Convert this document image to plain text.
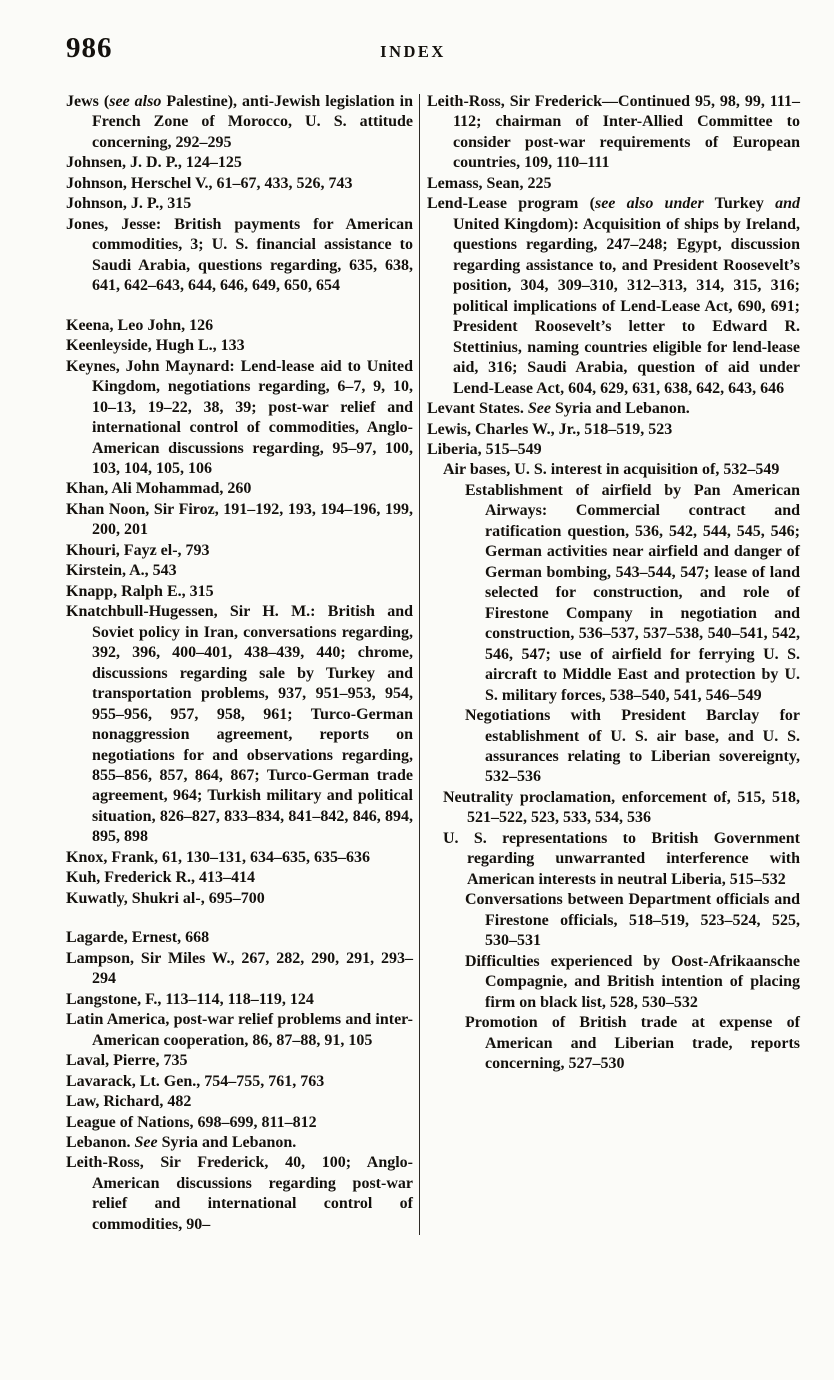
986	INDEX
Jews (see also Palestine), anti-Jewish legislation in French Zone of Morocco, U. S. attitude concerning, 292–295
Johnsen, J. D. P., 124–125
Johnson, Herschel V., 61–67, 433, 526, 743
Johnson, J. P., 315
Jones, Jesse: British payments for American commodities, 3; U. S. financial assistance to Saudi Arabia, questions regarding, 635, 638, 641, 642–643, 644, 646, 649, 650, 654
Keena, Leo John, 126
Keenleyside, Hugh L., 133
Keynes, John Maynard: Lend-lease aid to United Kingdom, negotiations regarding, 6–7, 9, 10, 10–13, 19–22, 38, 39; post-war relief and international control of commodities, Anglo-American discussions regarding, 95–97, 100, 103, 104, 105, 106
Khan, Ali Mohammad, 260
Khan Noon, Sir Firoz, 191–192, 193, 194–196, 199, 200, 201
Khouri, Fayz el-, 793
Kirstein, A., 543
Knapp, Ralph E., 315
Knatchbull-Hugessen, Sir H. M.: British and Soviet policy in Iran, conversations regarding, 392, 396, 400–401, 438–439, 440; chrome, discussions regarding sale by Turkey and transportation problems, 937, 951–953, 954, 955–956, 957, 958, 961; Turco-German nonaggression agreement, reports on negotiations for and observations regarding, 855–856, 857, 864, 867; Turco-German trade agreement, 964; Turkish military and political situation, 826–827, 833–834, 841–842, 846, 894, 895, 898
Knox, Frank, 61, 130–131, 634–635, 635–636
Kuh, Frederick R., 413–414
Kuwatly, Shukri al-, 695–700
Lagarde, Ernest, 668
Lampson, Sir Miles W., 267, 282, 290, 291, 293–294
Langstone, F., 113–114, 118–119, 124
Latin America, post-war relief problems and inter-American cooperation, 86, 87–88, 91, 105
Laval, Pierre, 735
Lavarack, Lt. Gen., 754–755, 761, 763
Law, Richard, 482
League of Nations, 698–699, 811–812
Lebanon. See Syria and Lebanon.
Leith-Ross, Sir Frederick, 40, 100; Anglo-American discussions regarding post-war relief and international control of commodities, 90–
Leith-Ross, Sir Frederick—Continued 95, 98, 99, 111–112; chairman of Inter-Allied Committee to consider post-war requirements of European countries, 109, 110–111
Lemass, Sean, 225
Lend-Lease program (see also under Turkey and United Kingdom): Acquisition of ships by Ireland, questions regarding, 247–248; Egypt, discussion regarding assistance to, and President Roosevelt’s position, 304, 309–310, 312–313, 314, 315, 316; political implications of Lend-Lease Act, 690, 691; President Roosevelt’s letter to Edward R. Stettinius, naming countries eligible for lend-lease aid, 316; Saudi Arabia, question of aid under Lend-Lease Act, 604, 629, 631, 638, 642, 643, 646
Levant States. See Syria and Lebanon.
Lewis, Charles W., Jr., 518–519, 523
Liberia, 515–549
Air bases, U. S. interest in acquisition of, 532–549
Establishment of airfield by Pan American Airways: Commercial contract and ratification question, 536, 542, 544, 545, 546; German activities near airfield and danger of German bombing, 543–544, 547; lease of land selected for construction, and role of Firestone Company in negotiation and construction, 536–537, 537–538, 540–541, 542, 546, 547; use of airfield for ferrying U. S. aircraft to Middle East and protection by U. S. military forces, 538–540, 541, 546–549
Negotiations with President Barclay for establishment of U. S. air base, and U. S. assurances relating to Liberian sovereignty, 532–536
Neutrality proclamation, enforcement of, 515, 518, 521–522, 523, 533, 534, 536
U. S. representations to British Government regarding unwarranted interference with American interests in neutral Liberia, 515–532
Conversations between Department officials and Firestone officials, 518–519, 523–524, 525, 530–531
Difficulties experienced by Oost-Afrikaansche Compagnie, and British intention of placing firm on black list, 528, 530–532
Promotion of British trade at expense of American and Liberian trade, reports concerning, 527–530
